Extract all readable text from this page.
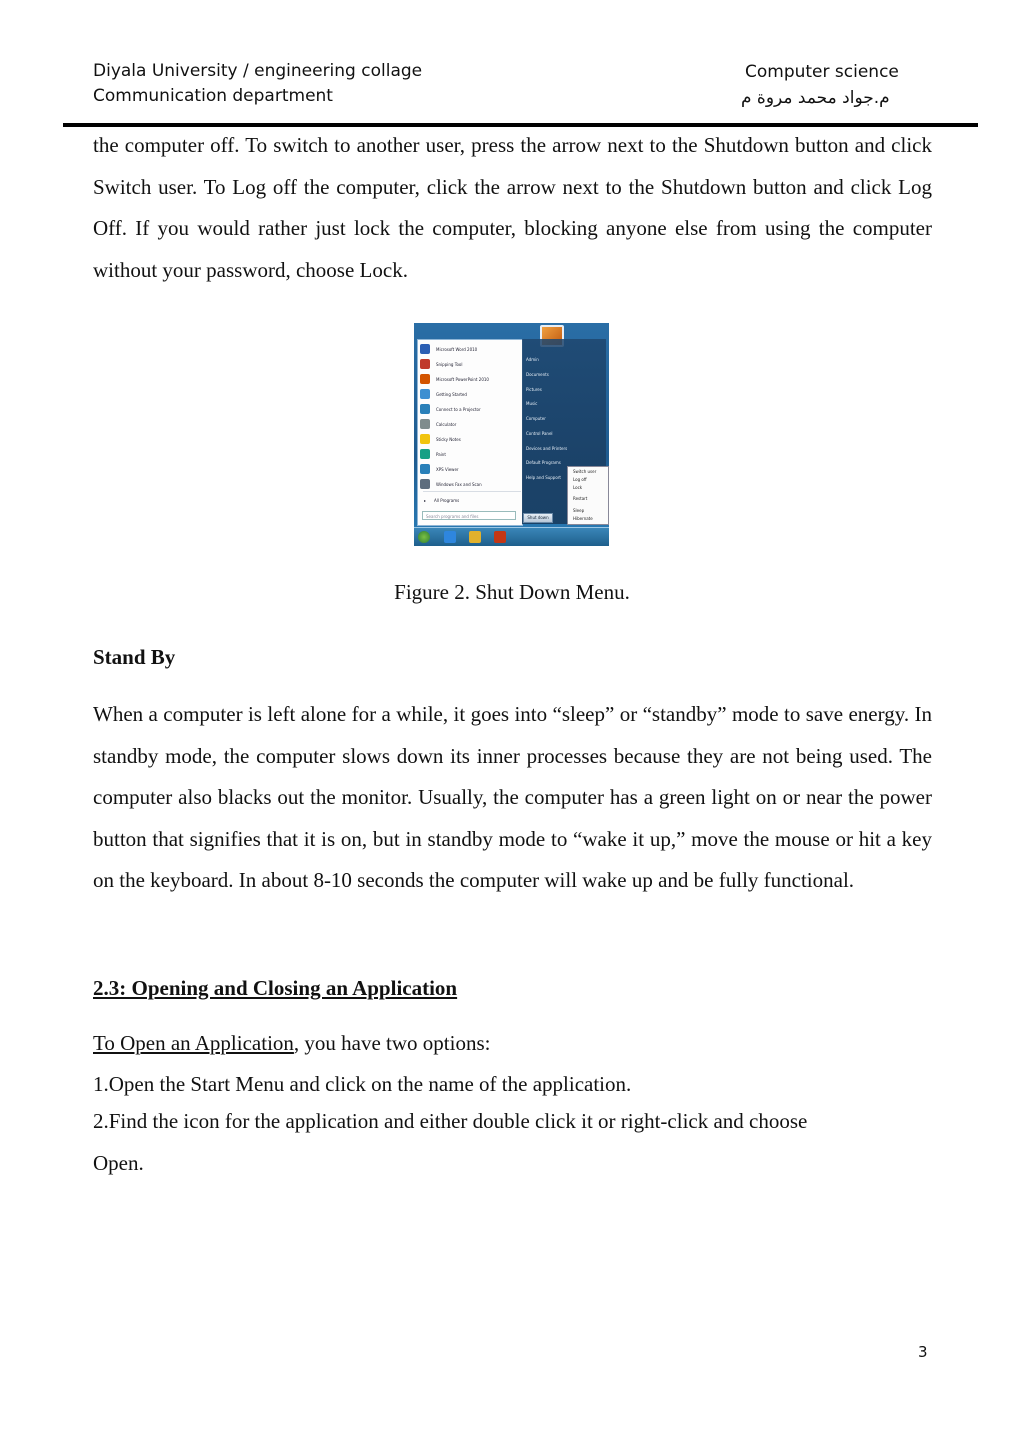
Diyala University / engineering collage
Communication department
Computer science
م.جواد محمد مروة م

the computer off. To switch to another user, press the arrow next to the Shutdown button and click Switch user. To Log off the computer, click the arrow next to the Shutdown button and click Log Off. If you would rather just lock the computer, blocking anyone else from using the computer without your password, choose Lock.

Microsoft Word 2010
Snipping Tool
Microsoft PowerPoint 2010
Getting Started
Connect to a Projector
Calculator
Sticky Notes
Paint
XPS Viewer
Windows Fax and Scan
▸ All Programs
Search programs and files
Admin
Documents
Pictures
Music
Computer
Control Panel
Devices and Printers
Default Programs
Help and Support
Shut down
Switch user
Log off
Lock
Restart
Sleep
Hibernate

Figure 2. Shut Down Menu.

Stand By

When a computer is left alone for a while, it goes into “sleep” or “standby” mode to save energy. In standby mode, the computer slows down its inner processes because they are not being used. The computer also blacks out the monitor. Usually, the computer has a green light on or near the power button that signifies that it is on, but in standby mode to “wake it up,” move the mouse or hit a key on the keyboard. In about 8-10 seconds the computer will wake up and be fully functional.

2.3: Opening and Closing an Application

To Open an Application, you have two options:

1.Open the Start Menu and click on the name of the application.

2.Find the icon for the application and either double click it or right-click and choose

Open.

3
